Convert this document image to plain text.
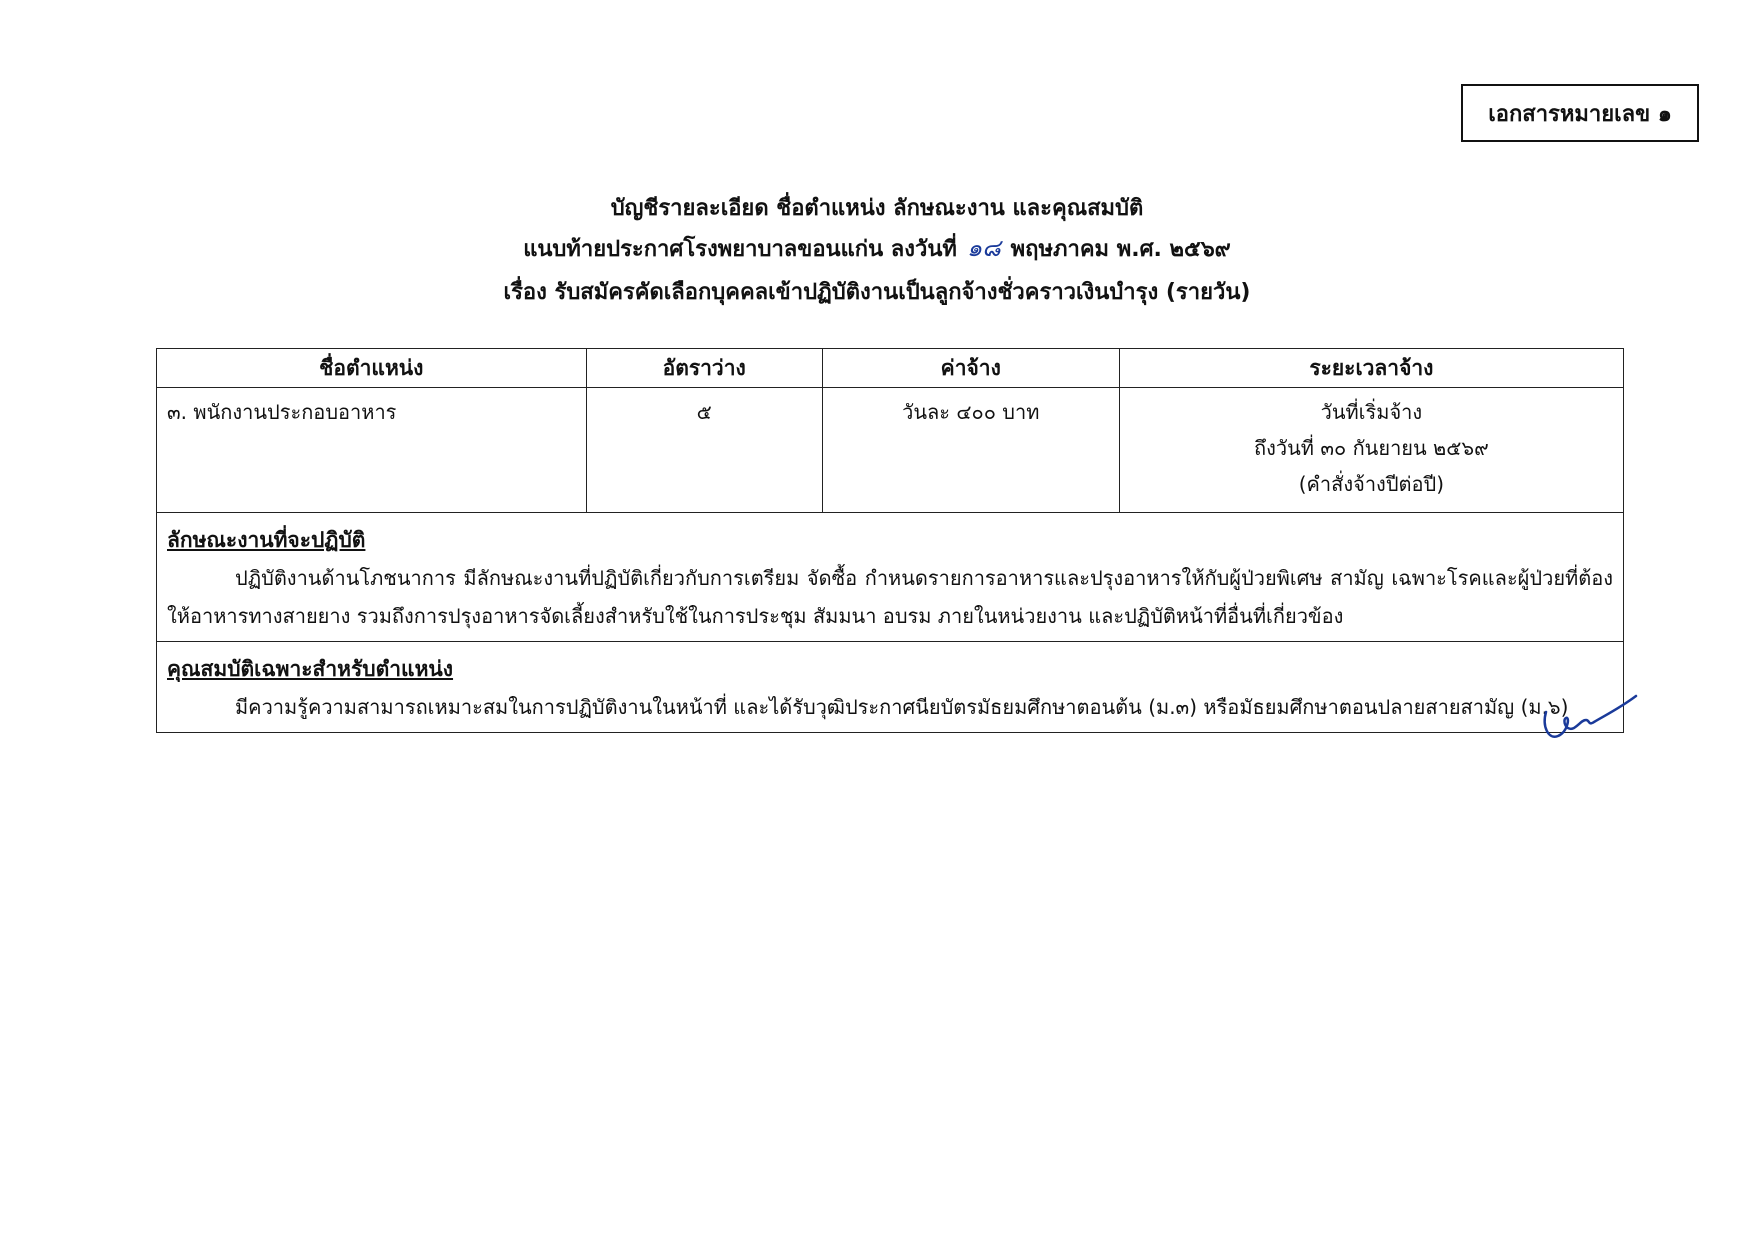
เอกสารหมายเลข ๑
บัญชีรายละเอียด ชื่อตำแหน่ง ลักษณะงาน และคุณสมบัติ
แนบท้ายประกาศโรงพยาบาลขอนแก่น ลงวันที่ ๑๘ พฤษภาคม พ.ศ. ๒๕๖๙
เรื่อง รับสมัครคัดเลือกบุคคลเข้าปฏิบัติงานเป็นลูกจ้างชั่วคราวเงินบำรุง (รายวัน)
ชื่อตำแหน่ง	อัตราว่าง	ค่าจ้าง	ระยะเวลาจ้าง
๓. พนักงานประกอบอาหาร	๕	วันละ ๔๐๐ บาท	วันที่เริ่มจ้าง
ถึงวันที่ ๓๐ กันยายน ๒๕๖๙
(คำสั่งจ้างปีต่อปี)

ลักษณะงานที่จะปฏิบัติ
ปฏิบัติงานด้านโภชนาการ มีลักษณะงานที่ปฏิบัติเกี่ยวกับการเตรียม จัดซื้อ กำหนดรายการอาหารและปรุงอาหารให้กับผู้ป่วยพิเศษ สามัญ เฉพาะโรคและผู้ป่วยที่ต้องให้อาหารทางสายยาง รวมถึงการปรุงอาหารจัดเลี้ยงสำหรับใช้ในการประชุม สัมมนา อบรม ภายในหน่วยงาน และปฏิบัติหน้าที่อื่นที่เกี่ยวข้อง			

คุณสมบัติเฉพาะสำหรับตำแหน่ง
มีความรู้ความสามารถเหมาะสมในการปฏิบัติงานในหน้าที่ และได้รับวุฒิประกาศนียบัตรมัธยมศึกษาตอนต้น (ม.๓) หรือมัธยมศึกษาตอนปลายสายสามัญ (ม.๖)			
